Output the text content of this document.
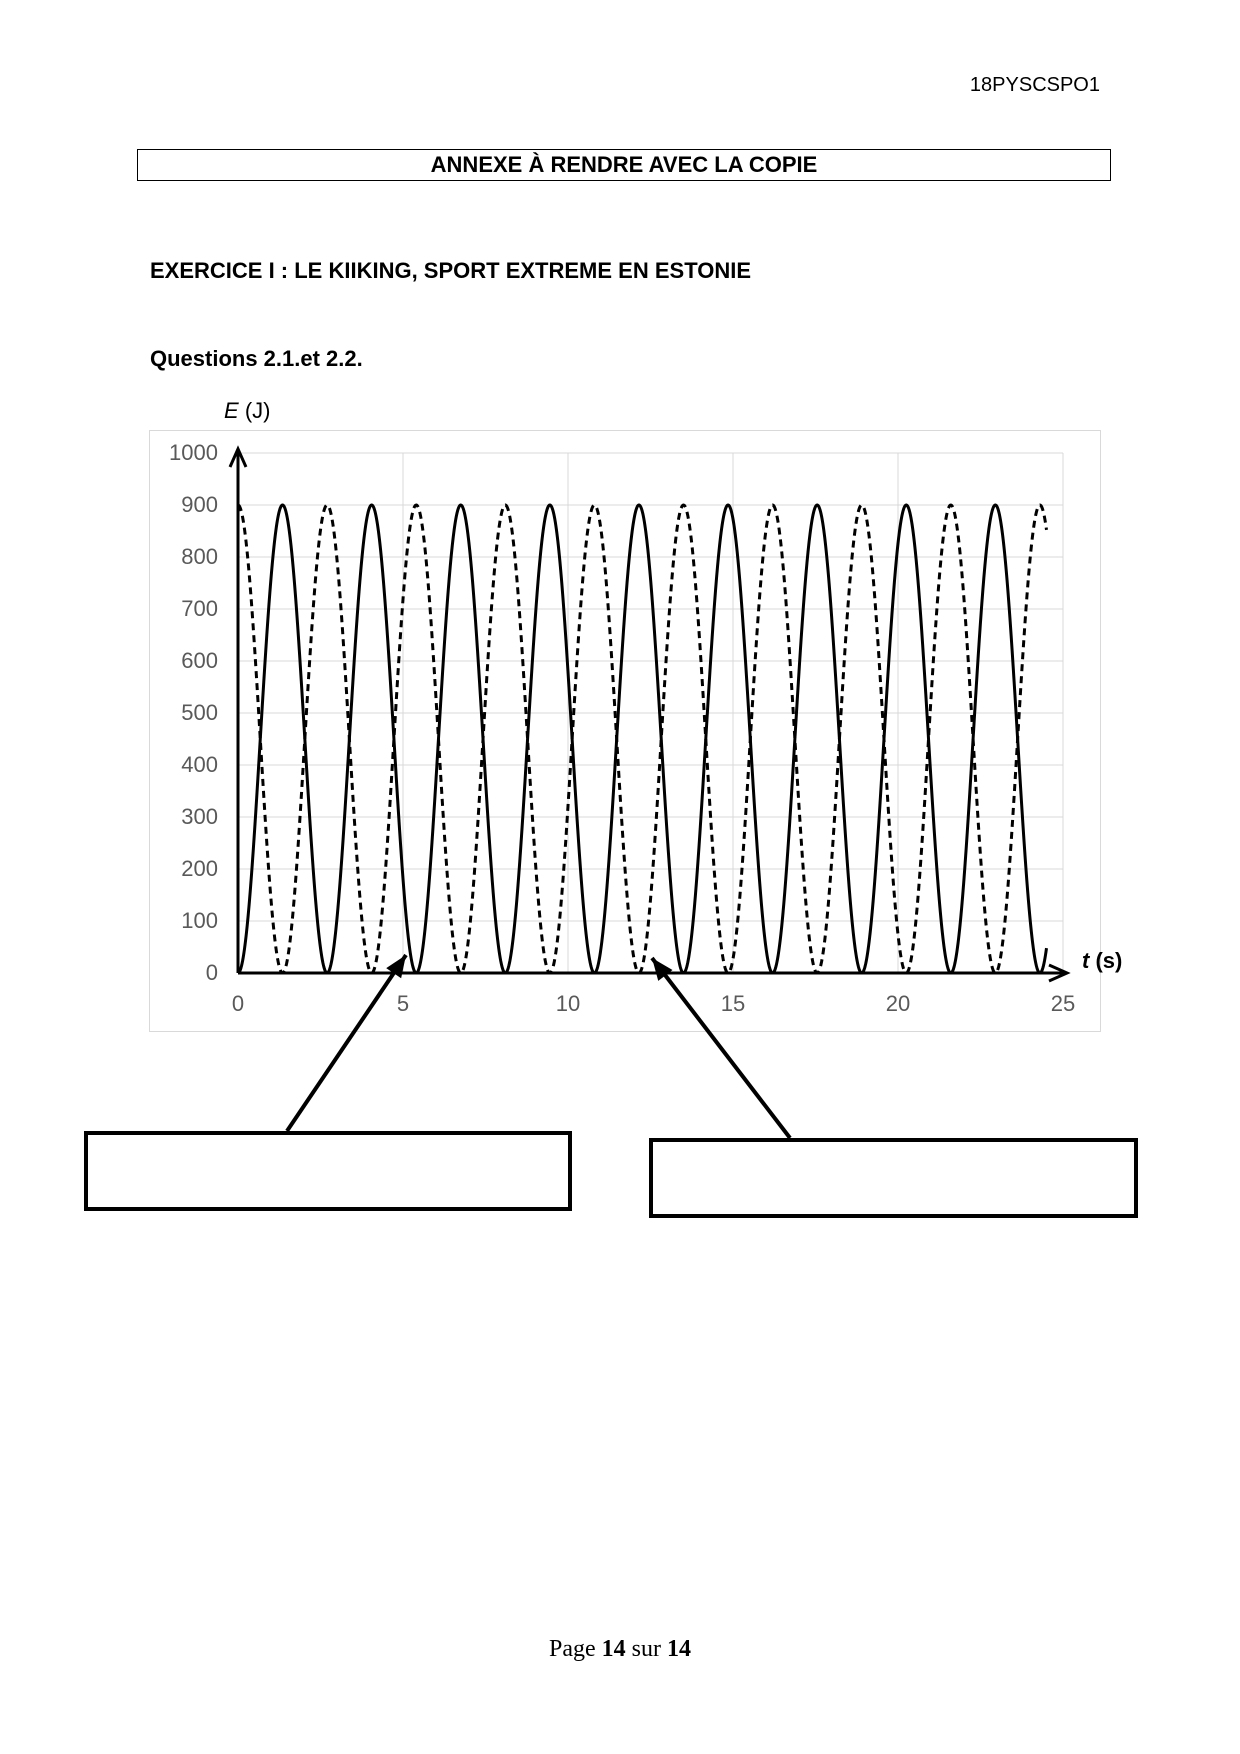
18PYSCSPO1
ANNEXE À RENDRE AVEC LA COPIE
EXERCICE I : LE KIIKING, SPORT EXTREME EN ESTONIE
Questions 2.1.et 2.2.
E (J)
0
100
200
300
400
500
600
700
800
900
1000
0	5	10	15	20	25
t (s)
Page 14 sur 14
